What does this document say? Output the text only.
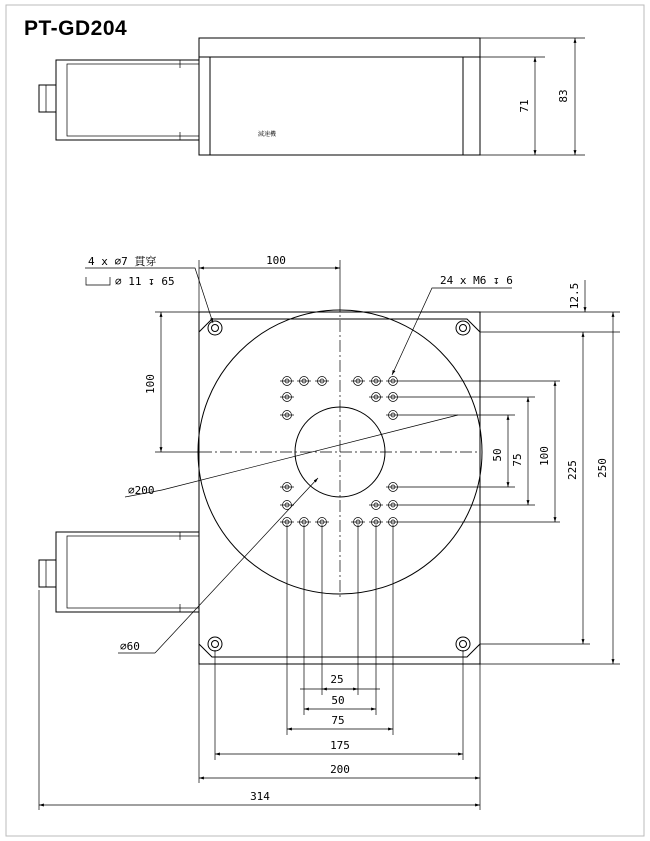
PT-GD204
減速機
71
83
4 x ∅7 貫穿
∅ 11 ↧ 65	24 x M6 ↧ 6
∅200
∅60
100
100
12.5
50 75 100
225 250
25
50
75
175
200
314
